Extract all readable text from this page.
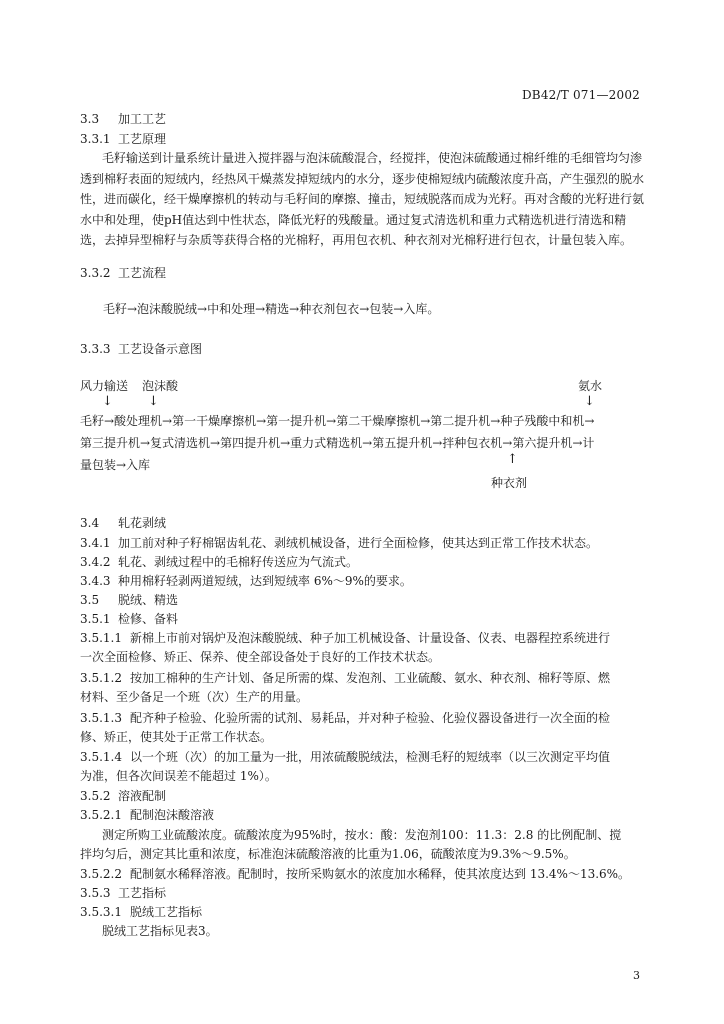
DB42/T 071—2002
3.3 加工工艺
3.3.1 工艺原理
毛籽输送到计量系统计量进入搅拌器与泡沫硫酸混合，经搅拌，使泡沫硫酸通过棉纤维的毛细管均匀渗透到棉籽表面的短绒内，经热风干燥蒸发掉短绒内的水分，逐步使棉短绒内硫酸浓度升高，产生强烈的脱水性，进而碳化，经干燥摩擦机的转动与毛籽间的摩擦、撞击，短绒脱落而成为光籽。再对含酸的光籽进行氨水中和处理，使pH值达到中性状态，降低光籽的残酸量。通过复式清选机和重力式精选机进行清选和精选，去掉异型棉籽与杂质等获得合格的光棉籽，再用包衣机、种衣剂对光棉籽进行包衣，计量包装入库。
3.3.2 工艺流程
毛籽→泡沫酸脱绒→中和处理→精选→种衣剂包衣→包装→入库。
3.3.3 工艺设备示意图
风力输送 泡沫酸	氨水
↓	↓	↓
毛籽→酸处理机→第一干燥摩擦机→第一提升机→第二干燥摩擦机→第二提升机→种子残酸中和机→
第三提升机→复式清选机→第四提升机→重力式精选机→第五提升机→拌种包衣机→第六提升机→计
量包装→入库	↑
种衣剂
3.4 轧花剥绒
3.4.1 加工前对种子籽棉锯齿轧花、剥绒机械设备，进行全面检修，使其达到正常工作技术状态。
3.4.2 轧花、剥绒过程中的毛棉籽传送应为气流式。
3.4.3 种用棉籽轻剥两道短绒，达到短绒率 6%～9%的要求。
3.5 脱绒、精选
3.5.1 检修、备料
3.5.1.1 新棉上市前对锅炉及泡沫酸脱绒、种子加工机械设备、计量设备、仪表、电器程控系统进行
一次全面检修、矫正、保养、使全部设备处于良好的工作技术状态。
3.5.1.2 按加工棉种的生产计划、备足所需的煤、发泡剂、工业硫酸、氨水、种衣剂、棉籽等原、燃
材料、至少备足一个班（次）生产的用量。
3.5.1.3 配齐种子检验、化验所需的试剂、易耗品，并对种子检验、化验仪器设备进行一次全面的检
修、矫正，使其处于正常工作状态。
3.5.1.4 以一个班（次）的加工量为一批，用浓硫酸脱绒法，检测毛籽的短绒率（以三次测定平均值
为准，但各次间误差不能超过 1%）。
3.5.2 溶液配制
3.5.2.1 配制泡沫酸溶液
测定所购工业硫酸浓度。硫酸浓度为95%时，按水：酸：发泡剂100：11.3：2.8 的比例配制、搅
拌均匀后，测定其比重和浓度，标准泡沫硫酸溶液的比重为1.06，硫酸浓度为9.3%～9.5%。
3.5.2.2 配制氨水稀释溶液。配制时，按所采购氨水的浓度加水稀释，使其浓度达到 13.4%～13.6%。
3.5.3 工艺指标
3.5.3.1 脱绒工艺指标
脱绒工艺指标见表3。
3
